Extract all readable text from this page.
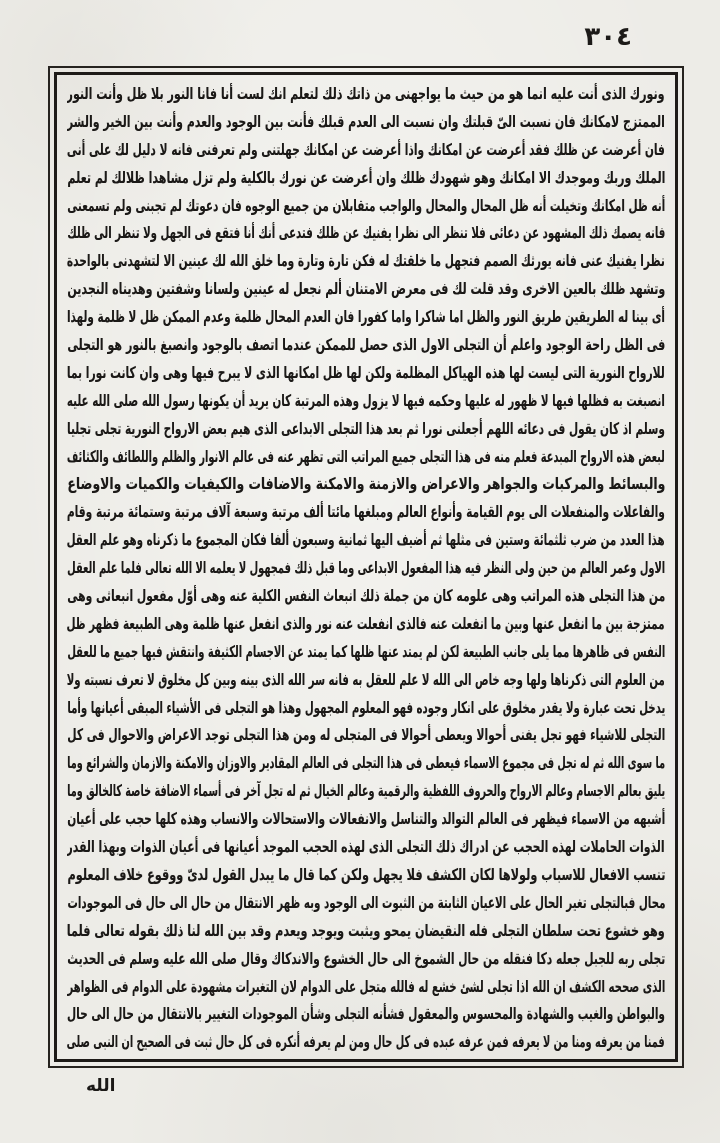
٣٠٤
ونورك الذى أنت عليه انما هو من حيث ما يواجهنى من ذاتك ذلك لتعلم انك لست أنا فانا النور بلا ظل وأنت النور
الممتزج لامكانك فان نسبت الىّ قبلتك وان نسبت الى العدم قبلك فأنت بين الوجود والعدم وأنت بين الخير والشر
فان أعرضت عن ظلك فقد أعرضت عن امكانك واذا أعرضت عن امكانك جهلتنى ولم تعرفنى فانه لا دليل لك على أنى
الملك وربك وموجدك الا امكانك وهو شهودك ظلك وان أعرضت عن نورك بالكلية ولم تزل مشاهدا ظلالك لم تعلم
أنه ظل امكانك وتخيلت أنه ظل المحال والمحال والواجب متقابلان من جميع الوجوه فان دعوتك لم تجبنى ولم تسمعنى
فانه يصمك ذلك المشهود عن دعائى فلا تنظر الى نظرا يفنيك عن ظلك فتدعى أنك أنا فتقع فى الجهل ولا تنظر الى ظلك
نظرا يفنيك عنى فانه يورثك الصمم فتجهل ما خلقتك له فكن تارة وتارة وما خلق الله لك عينين الا لتشهدنى بالواحدة
وتشهد ظلك بالعين الاخرى وقد قلت لك فى معرض الامتنان ألم نجعل له عينين ولسانا وشفتين وهديناه النجدين
أى بينا له الطريقين طريق النور والظل اما شاكرا واما كفورا فان العدم المحال ظلمة وعدم الممكن ظل لا ظلمة ولهذا
فى الظل راحة الوجود واعلم أن التجلى الاول الذى حصل للممكن عندما اتصف بالوجود وانصبغ بالنور هو التجلى
للارواح النورية التى ليست لها هذه الهياكل المظلمة ولكن لها ظل امكانها الذى لا يبرح فيها وهى وان كانت نورا بما
انصبغت به فظلها فيها لا ظهور له عليها وحكمه فيها لا يزول وهذه المرتبة كان يريد أن يكونها رسول الله صلى الله عليه
وسلم اذ كان يقول فى دعائه اللهم أجعلنى نورا ثم بعد هذا التجلى الابداعى الذى هيم بعض الارواح النورية تجلى تجليا
لبعض هذه الارواح المبدعة فعلم منه فى هذا التجلى جميع المراتب التى تظهر عنه فى عالم الانوار والظلم واللطائف والكثائف
والبسائط والمركبات والجواهر والاعراض والازمنة والامكنة والاضافات والكيفيات والكميات والاوضاع
والفاعلات والمنفعلات الى يوم القيامة وأنواع العالم ومبلغها مائتا ألف مرتبة وسبعة آلاف مرتبة وستمائة مرتبة وقام
هذا العدد من ضرب ثلثمائة وستين فى مثلها ثم أضيف اليها ثمانية وسبعون ألفا فكان المجموع ما ذكرناه وهو علم العقل
الاول وعمر العالم من حين ولى النظر فيه هذا المفعول الابداعى وما قبل ذلك فمجهول لا يعلمه الا الله تعالى فلما علم العقل
من هذا التجلى هذه المراتب وهى علومه كان من جملة ذلك انبعاث النفس الكلية عنه وهى أوّل مفعول انبعاثى وهى
ممتزجة بين ما انفعل عنها وبين ما انفعلت عنه فالذى انفعلت عنه نور والذى انفعل عنها ظلمة وهى الطبيعة فظهر ظل
النفس فى ظاهرها مما يلى جانب الطبيعة لكن لم يمتد عنها ظلها كما يمتد عن الاجسام الكثيفة وانتقش فيها جميع ما للعقل
من العلوم التى ذكرناها ولها وجه خاص الى الله لا علم للعقل به فانه سر الله الذى بينه وبين كل مخلوق لا تعرف نسبته ولا
يدخل تحت عبارة ولا يقدر مخلوق على انكار وجوده فهو المعلوم المجهول وهذا هو التجلى فى الأشياء المبقى أعيانها وأما
التجلى للاشياء فهو تجل يفنى أحوالا ويعطى أحوالا فى المتجلى له ومن هذا التجلى توجد الاعراض والاحوال فى كل
ما سوى الله ثم له تجل فى مجموع الاسماء فيعطى فى هذا التجلى فى العالم المقادير والاوزان والامكنة والازمان والشرائع وما
يليق بعالم الاجسام وعالم الارواح والحروف اللفظية والرقمية وعالم الخيال ثم له تجل آخر فى أسماء الاضافة خاصة كالخالق وما
أشبهه من الاسماء فيظهر فى العالم التوالد والتناسل والانفعالات والاستحالات والانساب وهذه كلها حجب على أعيان
الذوات الحاملات لهذه الحجب عن ادراك ذلك التجلى الذى لهذه الحجب الموجد أعيانها فى أعيان الذوات وبهذا القدر
تنسب الافعال للاسباب ولولاها لكان الكشف فلا يجهل ولكن كما قال ما يبدل القول لدىّ ووقوع خلاف المعلوم
محال فبالتجلى تغير الحال على الاعيان الثابتة من الثبوت الى الوجود وبه ظهر الانتقال من حال الى حال فى الموجودات
وهو خشوع تحت سلطان التجلى فله النقيضان يمحو ويثبت ويوجد ويعدم وقد بين الله لنا ذلك بقوله تعالى فلما
تجلى ربه للجبل جعله دكا فنقله من حال الشموخ الى حال الخشوع والاندكاك وقال صلى الله عليه وسلم فى الحديث
الذى صححه الكشف ان الله اذا تجلى لشئ خشع له فالله متجل على الدوام لان التغيرات مشهودة على الدوام فى الظواهر
والبواطن والغيب والشهادة والمحسوس والمعقول فشأنه التجلى وشأن الموجودات التغيير بالانتقال من حال الى حال
فمنا من يعرفه ومنا من لا يعرفه فمن عرفه عبده فى كل حال ومن لم يعرفه أنكره فى كل حال ثبت فى الصحيح ان النبى صلى
الله
